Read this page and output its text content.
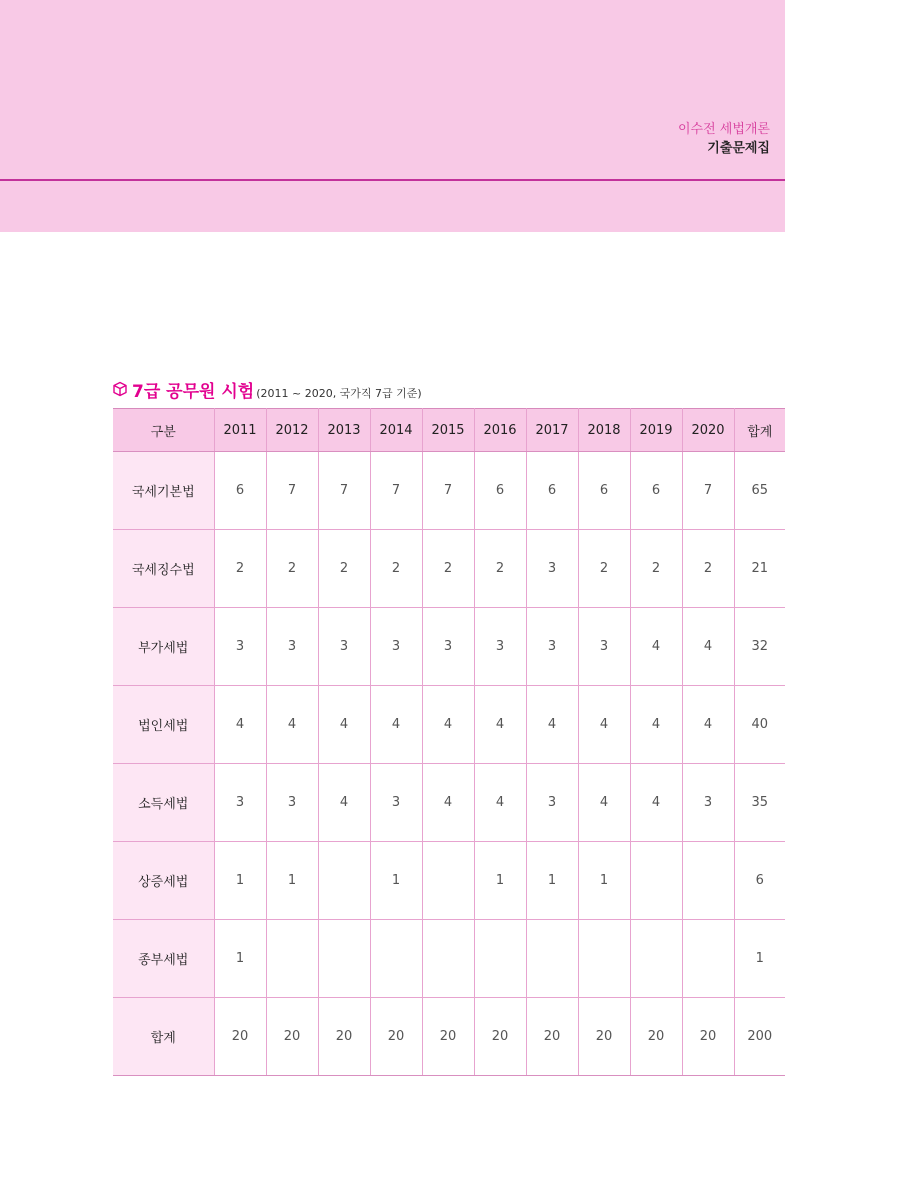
이수전 세법개론
기출문제집
7급 공무원 시험 (2011 ~ 2020, 국가직 7급 기준)
구분	2011	2012	2013	2014	2015	2016	2017	2018	2019	2020	합계
국세기본법	6	7	7	7	7	6	6	6	6	7	65
국세징수법	2	2	2	2	2	2	3	2	2	2	21
부가세법	3	3	3	3	3	3	3	3	4	4	32
법인세법	4	4	4	4	4	4	4	4	4	4	40
소득세법	3	3	4	3	4	4	3	4	4	3	35
상증세법	1	1		1		1	1	1			6
종부세법	1										1
합계	20	20	20	20	20	20	20	20	20	20	200
